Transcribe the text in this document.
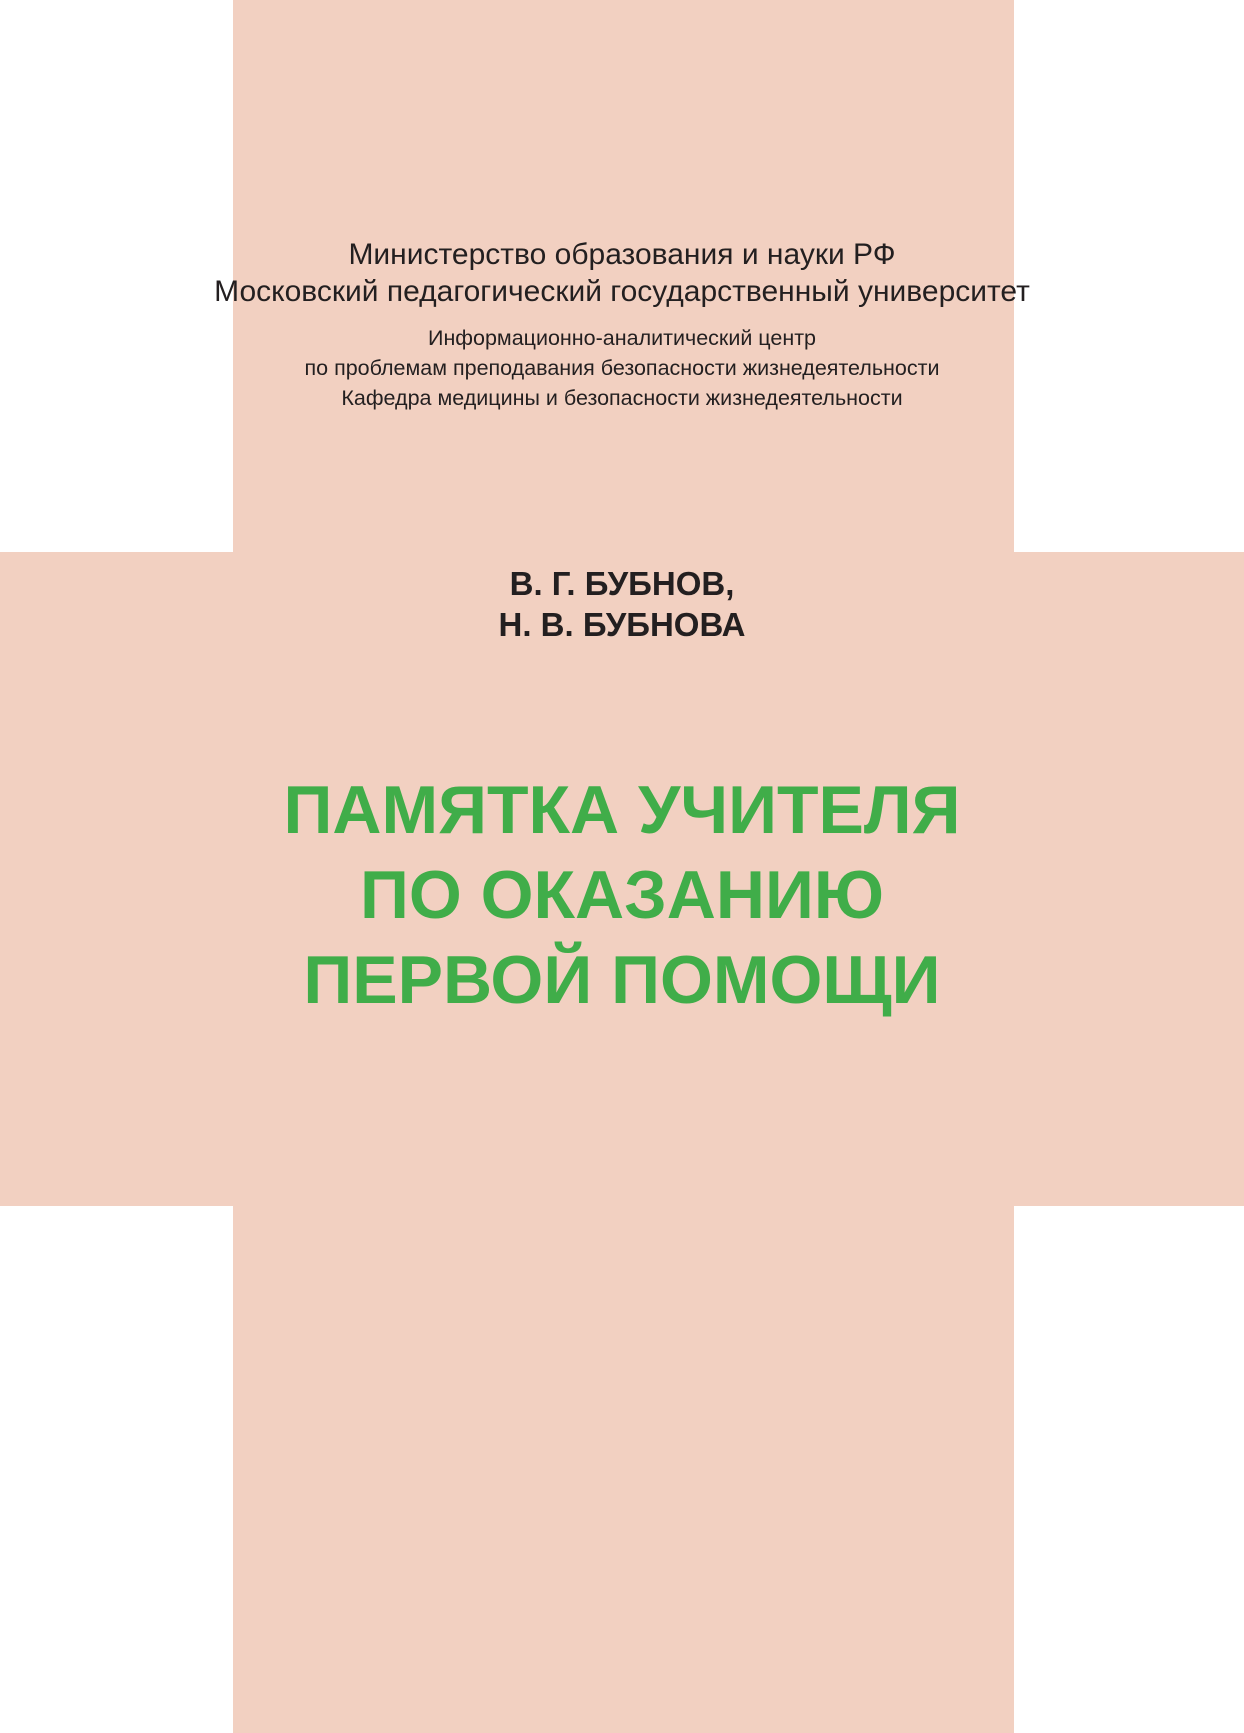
Министерство образования и науки РФ
Московский педагогический государственный университет
Информационно-аналитический центр
по проблемам преподавания безопасности жизнедеятельности
Кафедра медицины и безопасности жизнедеятельности
В. Г. БУБНОВ,
Н. В. БУБНОВА
ПАМЯТКА УЧИТЕЛЯ
ПО ОКАЗАНИЮ
ПЕРВОЙ ПОМОЩИ
